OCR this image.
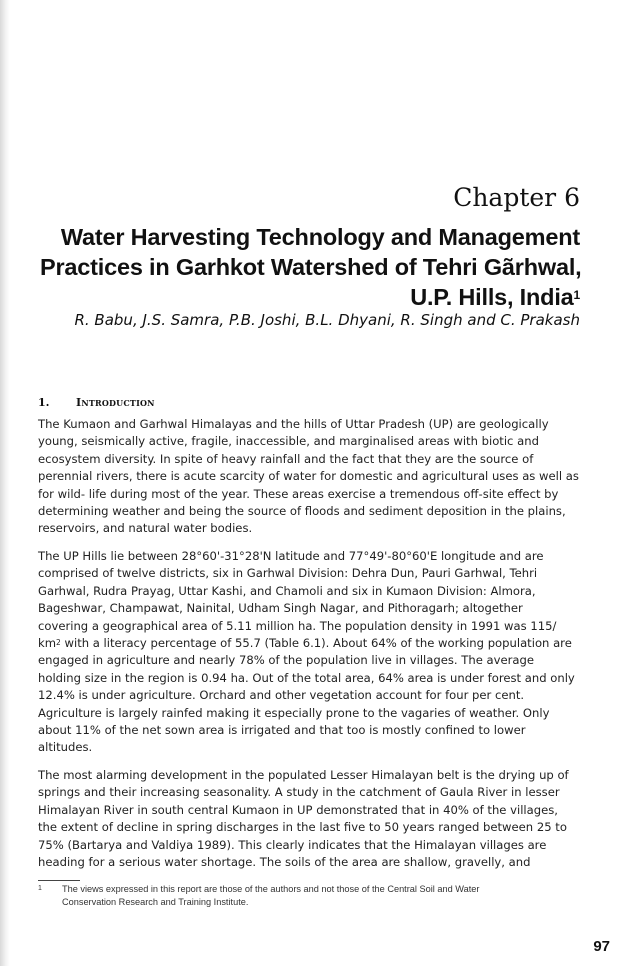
Chapter 6
Water Harvesting Technology and Management
Practices in Garhkot Watershed of Tehri Gãrhwal,
U.P. Hills, India$^1$
R. Babu, J.S. Samra, P.B. Joshi, B.L. Dhyani, R. Singh and C. Prakash
1. Introduction

The Kumaon and Garhwal Himalayas and the hills of Uttar Pradesh (UP) are geologically
young, seismically active, fragile, inaccessible, and marginalised areas with biotic and
ecosystem diversity. In spite of heavy rainfall and the fact that they are the source of
perennial rivers, there is acute scarcity of water for domestic and agricultural uses as well as
for wild- life during most of the year. These areas exercise a tremendous off-site effect by
determining weather and being the source of floods and sediment deposition in the plains,
reservoirs, and natural water bodies.

The UP Hills lie between 28°60'-31°28'N latitude and 77°49'-80°60'E longitude and are
comprised of twelve districts, six in Garhwal Division: Dehra Dun, Pauri Garhwal, Tehri
Garhwal, Rudra Prayag, Uttar Kashi, and Chamoli and six in Kumaon Division: Almora,
Bageshwar, Champawat, Nainital, Udham Singh Nagar, and Pithoragarh; altogether
covering a geographical area of 5.11 million ha. The population density in 1991 was 115/
$km^2$ with a literacy percentage of 55.7 (Table 6.1). About 64% of the working population are
engaged in agriculture and nearly 78% of the population live in villages. The average
holding size in the region is 0.94 ha. Out of the total area, 64% area is under forest and only
12.4% is under agriculture. Orchard and other vegetation account for four per cent.
Agriculture is largely rainfed making it especially prone to the vagaries of weather. Only
about 11% of the net sown area is irrigated and that too is mostly confined to lower
altitudes.

The most alarming development in the populated Lesser Himalayan belt is the drying up of
springs and their increasing seasonality. A study in the catchment of Gaula River in lesser
Himalayan River in south central Kumaon in UP demonstrated that in 40% of the villages,
the extent of decline in spring discharges in the last five to 50 years ranged between 25 to
75% (Bartarya and Valdiya 1989). This clearly indicates that the Himalayan villages are
heading for a serious water shortage. The soils of the area are shallow, gravelly, and

1 The views expressed in this report are those of the authors and not those of the Central Soil and Water
Conservation Research and Training Institute.
97
